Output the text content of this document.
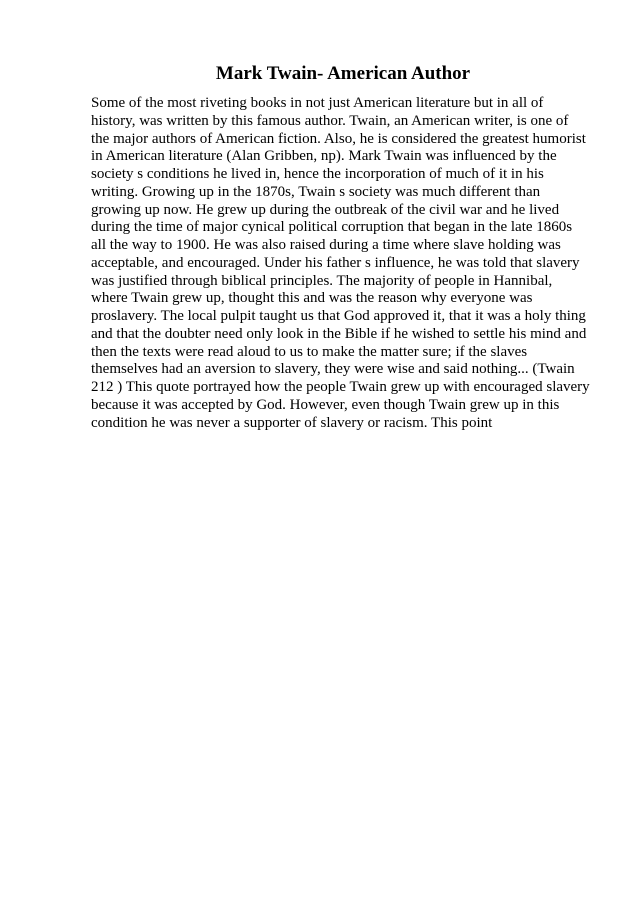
Mark Twain- American Author
Some of the most riveting books in not just American literature but in all of
history, was written by this famous author. Twain, an American writer, is one of
the major authors of American fiction. Also, he is considered the greatest humorist
in American literature (Alan Gribben, np). Mark Twain was influenced by the
society s conditions he lived in, hence the incorporation of much of it in his
writing. Growing up in the 1870s, Twain s society was much different than
growing up now. He grew up during the outbreak of the civil war and he lived
during the time of major cynical political corruption that began in the late 1860s
all the way to 1900. He was also raised during a time where slave holding was
acceptable, and encouraged. Under his father s influence, he was told that slavery
was justified through biblical principles. The majority of people in Hannibal,
where Twain grew up, thought this and was the reason why everyone was
proslavery. The local pulpit taught us that God approved it, that it was a holy thing
and that the doubter need only look in the Bible if he wished to settle his mind and
then the texts were read aloud to us to make the matter sure; if the slaves
themselves had an aversion to slavery, they were wise and said nothing... (Twain
212 ) This quote portrayed how the people Twain grew up with encouraged slavery
because it was accepted by God. However, even though Twain grew up in this
condition he was never a supporter of slavery or racism. This point
